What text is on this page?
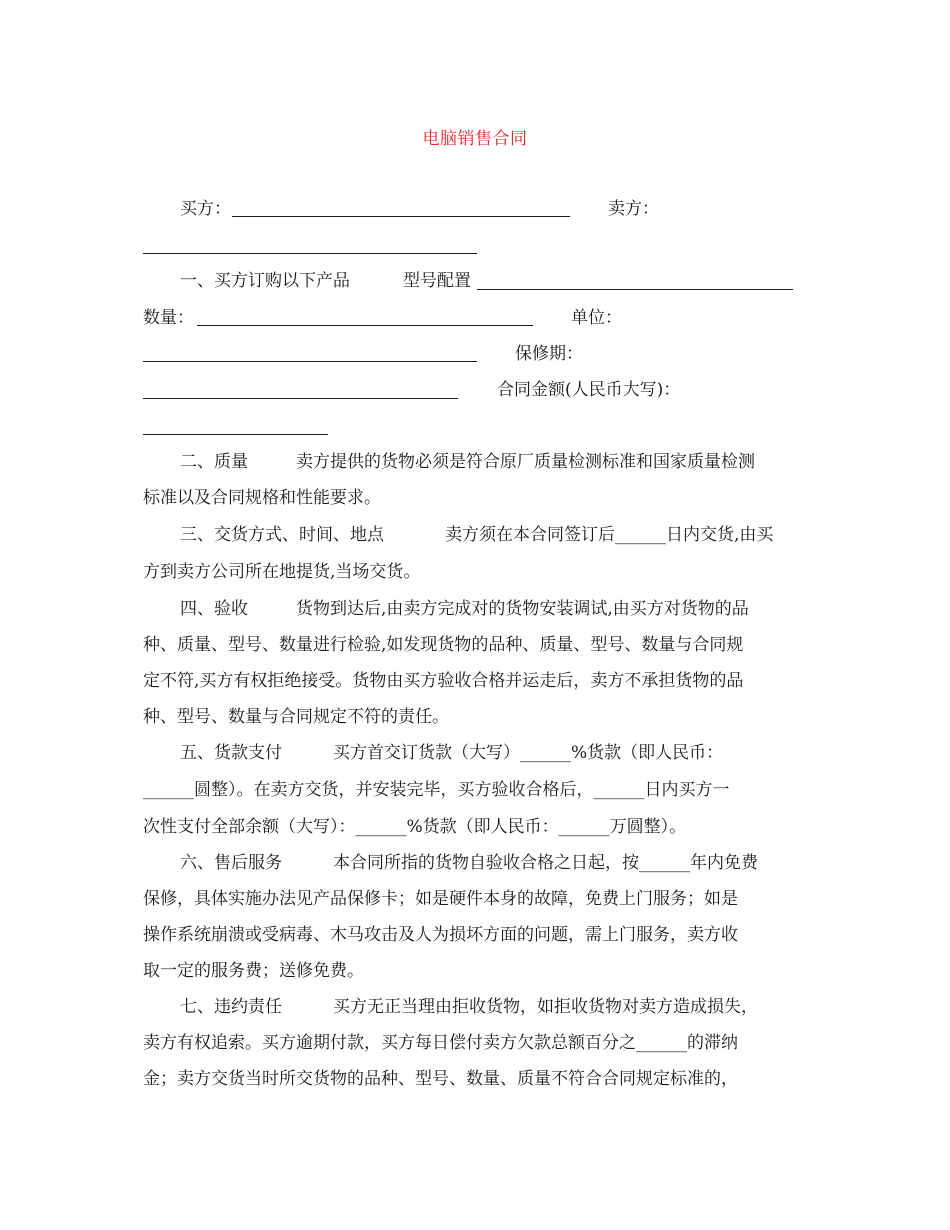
电脑销售合同
买方：	卖方：
一、买方订购以下产品	型号配置
数量：	单位：
保修期：
合同金额(人民币大写)：
二、质量	卖方提供的货物必须是符合原厂质量检测标准和国家质量检测
标准以及合同规格和性能要求。
三、交货方式、时间、地点	卖方须在本合同签订后______日内交货,由买
方到卖方公司所在地提货,当场交货。
四、验收	货物到达后,由卖方完成对的货物安装调试,由买方对货物的品
种、质量、型号、数量进行检验,如发现货物的品种、质量、型号、数量与合同规
定不符,买方有权拒绝接受。货物由买方验收合格并运走后，卖方不承担货物的品
种、型号、数量与合同规定不符的责任。
五、货款支付	买方首交订货款（大写）______%货款（即人民币：
______圆整）。在卖方交货，并安装完毕，买方验收合格后，______日内买方一
次性支付全部余额（大写）：______%货款（即人民币：______万圆整）。
六、售后服务	本合同所指的货物自验收合格之日起，按______年内免费
保修，具体实施办法见产品保修卡；如是硬件本身的故障，免费上门服务；如是
操作系统崩溃或受病毒、木马攻击及人为损坏方面的问题，需上门服务，卖方收
取一定的服务费；送修免费。
七、违约责任	买方无正当理由拒收货物，如拒收货物对卖方造成损失，
卖方有权追索。买方逾期付款，买方每日偿付卖方欠款总额百分之______的滞纳
金；卖方交货当时所交货物的品种、型号、数量、质量不符合合同规定标准的，
